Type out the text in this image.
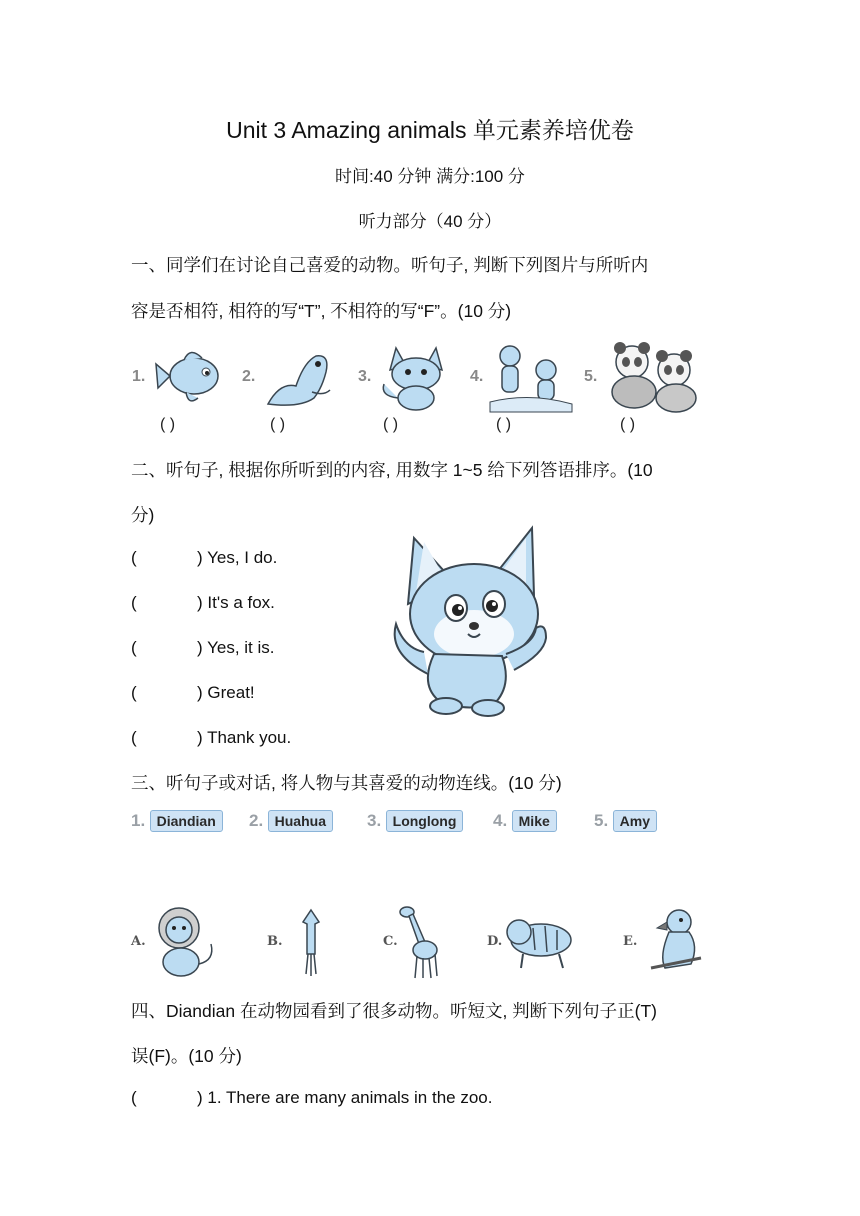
Unit 3 Amazing animals 单元素养培优卷
时间:40 分钟 满分:100 分
听力部分（40 分）
一、同学们在讨论自己喜爱的动物。听句子, 判断下列图片与所听内
容是否相符, 相符的写“T”, 不相符的写“F”。(10 分)
1.
( )
2.
( )
3.
( )
4.
( )
5.
( )
二、听句子, 根据你所听到的内容, 用数字 1~5 给下列答语排序。(10
分)
(	) Yes, I do.
(	) It's a fox.
(	) Yes, it is.
(	) Great!
(	) Thank you.
三、听句子或对话, 将人物与其喜爱的动物连线。(10 分)
1. Diandian	2. Huahua	3. Longlong	4. Mike	5. Amy
A.	B.	C.	D.	E.
四、Diandian 在动物园看到了很多动物。听短文, 判断下列句子正(T)
误(F)。(10 分)
(	) 1. There are many animals in the zoo.
